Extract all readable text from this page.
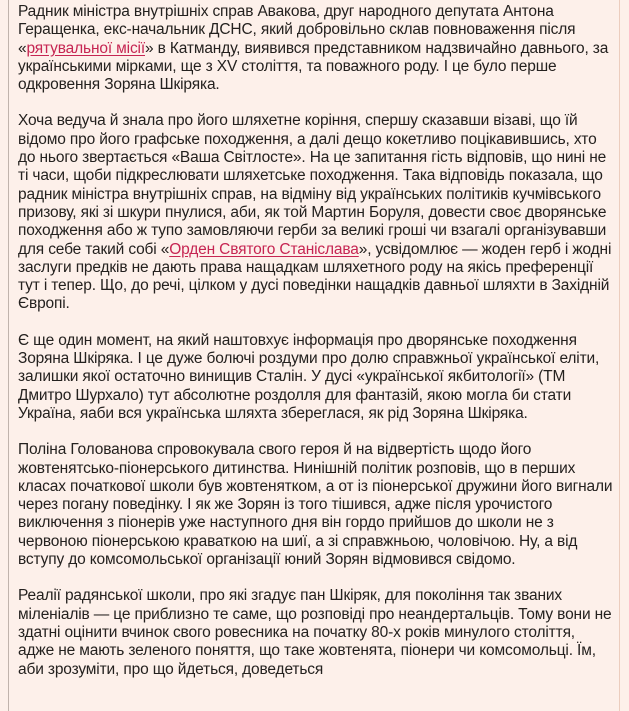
Радник міністра внутрішніх справ Авакова, друг народного депутата Антона Геращенка, екс-начальник ДСНС, який добровільно склав повноваження після «рятувальної місії» в Катманду, виявився представником надзвичайно давнього, за українськими мірками, ще з XV століття, та поважного роду. І це було перше одкровення Зоряна Шкіряка.

Хоча ведуча й знала про його шляхетне коріння, спершу сказавши візаві, що їй відомо про його графське походження, а далі дещо кокетливо поцікавившись, хто до нього звертається «Ваша Світлосте». На це запитання гість відповів, що нині не ті часи, щоби підкреслювати шляхетське походження. Така відповідь показала, що радник міністра внутрішніх справ, на відміну від українських політиків кучмівського призову, які зі шкури пнулися, аби, як той Мартин Боруля, довести своє дворянське походження або ж тупо замовляючи герби за великі гроші чи взагалі організувавши для себе такий собі «Орден Святого Станіслава», усвідомлює — жоден герб і жодні заслуги предків не дають права нащадкам шляхетного роду на якісь преференції тут і тепер. Що, до речі, цілком у дусі поведінки нащадків давньої шляхти в Західній Європі.

Є ще один момент, на який наштовхує інформація про дворянське походження Зоряна Шкіряка. І це дуже болючі роздуми про долю справжньої української еліти, залишки якої остаточно винищив Сталін. У дусі «української якбитології» (ТМ Дмитро Шурхало) тут абсолютне роздолля для фантазій, якою могла би стати Україна, яаби вся українська шляхта збереглася, як рід Зоряна Шкіряка.

Поліна Голованова спровокувала свого героя й на відвертість щодо його жовтенятсько-піонерського дитинства. Нинішній політик розповів, що в перших класах початкової школи був жовтенятком, а от із піонерської дружини його вигнали через погану поведінку. І як же Зорян із того тішився, адже після урочистого виключення з піонерів уже наступного дня він гордо прийшов до школи не з червоною піонерською краваткою на шиї, а зі справжньою, чоловічою. Ну, а від вступу до комсомольської організації юний Зорян відмовився свідомо.

Реалії радянської школи, про які згадує пан Шкіряк, для покоління так званих міленіалів — це приблизно те саме, що розповіді про неандертальців. Тому вони не здатні оцінити вчинок свого ровесника на початку 80-х років минулого століття, адже не мають зеленого поняття, що таке жовтенята, піонери чи комсомольці. Їм, аби зрозуміти, про що йдеться, доведеться
